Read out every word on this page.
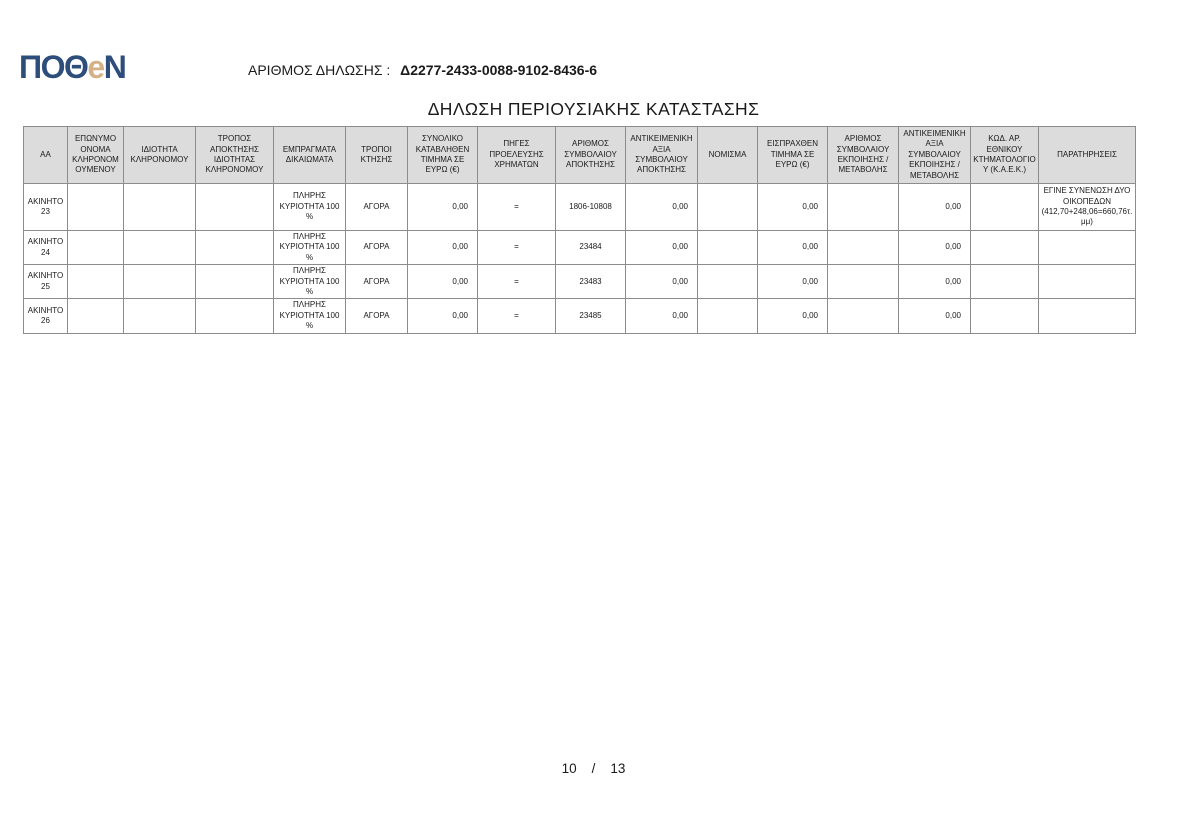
ΠΟΘeN	ΑΡΙΘΜΟΣ ΔΗΛΩΣΗΣ : Δ2277-2433-0088-9102-8436-6
ΔΗΛΩΣΗ ΠΕΡΙΟΥΣΙΑΚΗΣ ΚΑΤΑΣΤΑΣΗΣ
ΑΑ	ΕΠΩΝΥΜΟ ΟΝΟΜΑ ΚΛΗΡΟΝΟΜΟΥΜΕΝΟΥ	ΙΔΙΟΤΗΤΑ ΚΛΗΡΟΝΟΜΟΥ	ΤΡΟΠΟΣ ΑΠΟΚΤΗΣΗΣ ΙΔΙΟΤΗΤΑΣ ΚΛΗΡΟΝΟΜΟΥ	ΕΜΠΡΑΓΜΑΤΑ ΔΙΚΑΙΩΜΑΤΑ	ΤΡΟΠΟΙ ΚΤΗΣΗΣ	ΣΥΝΟΛΙΚΟ ΚΑΤΑΒΛΗΘΕΝ ΤΙΜΗΜΑ ΣΕ ΕΥΡΩ (€)	ΠΗΓΕΣ ΠΡΟΕΛΕΥΣΗΣ ΧΡΗΜΑΤΩΝ	ΑΡΙΘΜΟΣ ΣΥΜΒΟΛΑΙΟΥ ΑΠΟΚΤΗΣΗΣ	ΑΝΤΙΚΕΙΜΕΝΙΚΗ ΑΞΙΑ ΣΥΜΒΟΛΑΙΟΥ ΑΠΟΚΤΗΣΗΣ	ΝΟΜΙΣΜΑ	ΕΙΣΠΡΑΧΘΕΝ ΤΙΜΗΜΑ ΣΕ ΕΥΡΩ (€)	ΑΡΙΘΜΟΣ ΣΥΜΒΟΛΑΙΟΥ ΕΚΠΟΙΗΣΗΣ /ΜΕΤΑΒΟΛΗΣ	ΑΝΤΙΚΕΙΜΕΝΙΚΗ ΑΞΙΑ ΣΥΜΒΟΛΑΙΟΥ ΕΚΠΟΙΗΣΗΣ / ΜΕΤΑΒΟΛΗΣ	ΚΩΔ. ΑΡ. ΕΘΝΙΚΟΥ ΚΤΗΜΑΤΟΛΟΓΙΟΥ (Κ.Α.Ε.Κ.)	ΠΑΡΑΤΗΡΗΣΕΙΣ
ΑΚΙΝΗΤΟ 23				ΠΛΗΡΗΣ ΚΥΡΙΟΤΗΤΑ 100 %	ΑΓΟΡΑ	0,00	=	1806-10808	0,00		0,00		0,00		ΕΓΙΝΕ ΣΥΝΕΝΩΣΗ ΔΥΟ ΟΙΚΟΠΕΔΩΝ (412,70+248,06=660,76τ.μμ)
ΑΚΙΝΗΤΟ 24				ΠΛΗΡΗΣ ΚΥΡΙΟΤΗΤΑ 100 %	ΑΓΟΡΑ	0,00	=	23484	0,00		0,00		0,00		
ΑΚΙΝΗΤΟ 25				ΠΛΗΡΗΣ ΚΥΡΙΟΤΗΤΑ 100 %	ΑΓΟΡΑ	0,00	=	23483	0,00		0,00		0,00		
ΑΚΙΝΗΤΟ 26				ΠΛΗΡΗΣ ΚΥΡΙΟΤΗΤΑ 100 %	ΑΓΟΡΑ	0,00	=	23485	0,00		0,00		0,00		
10 / 13
